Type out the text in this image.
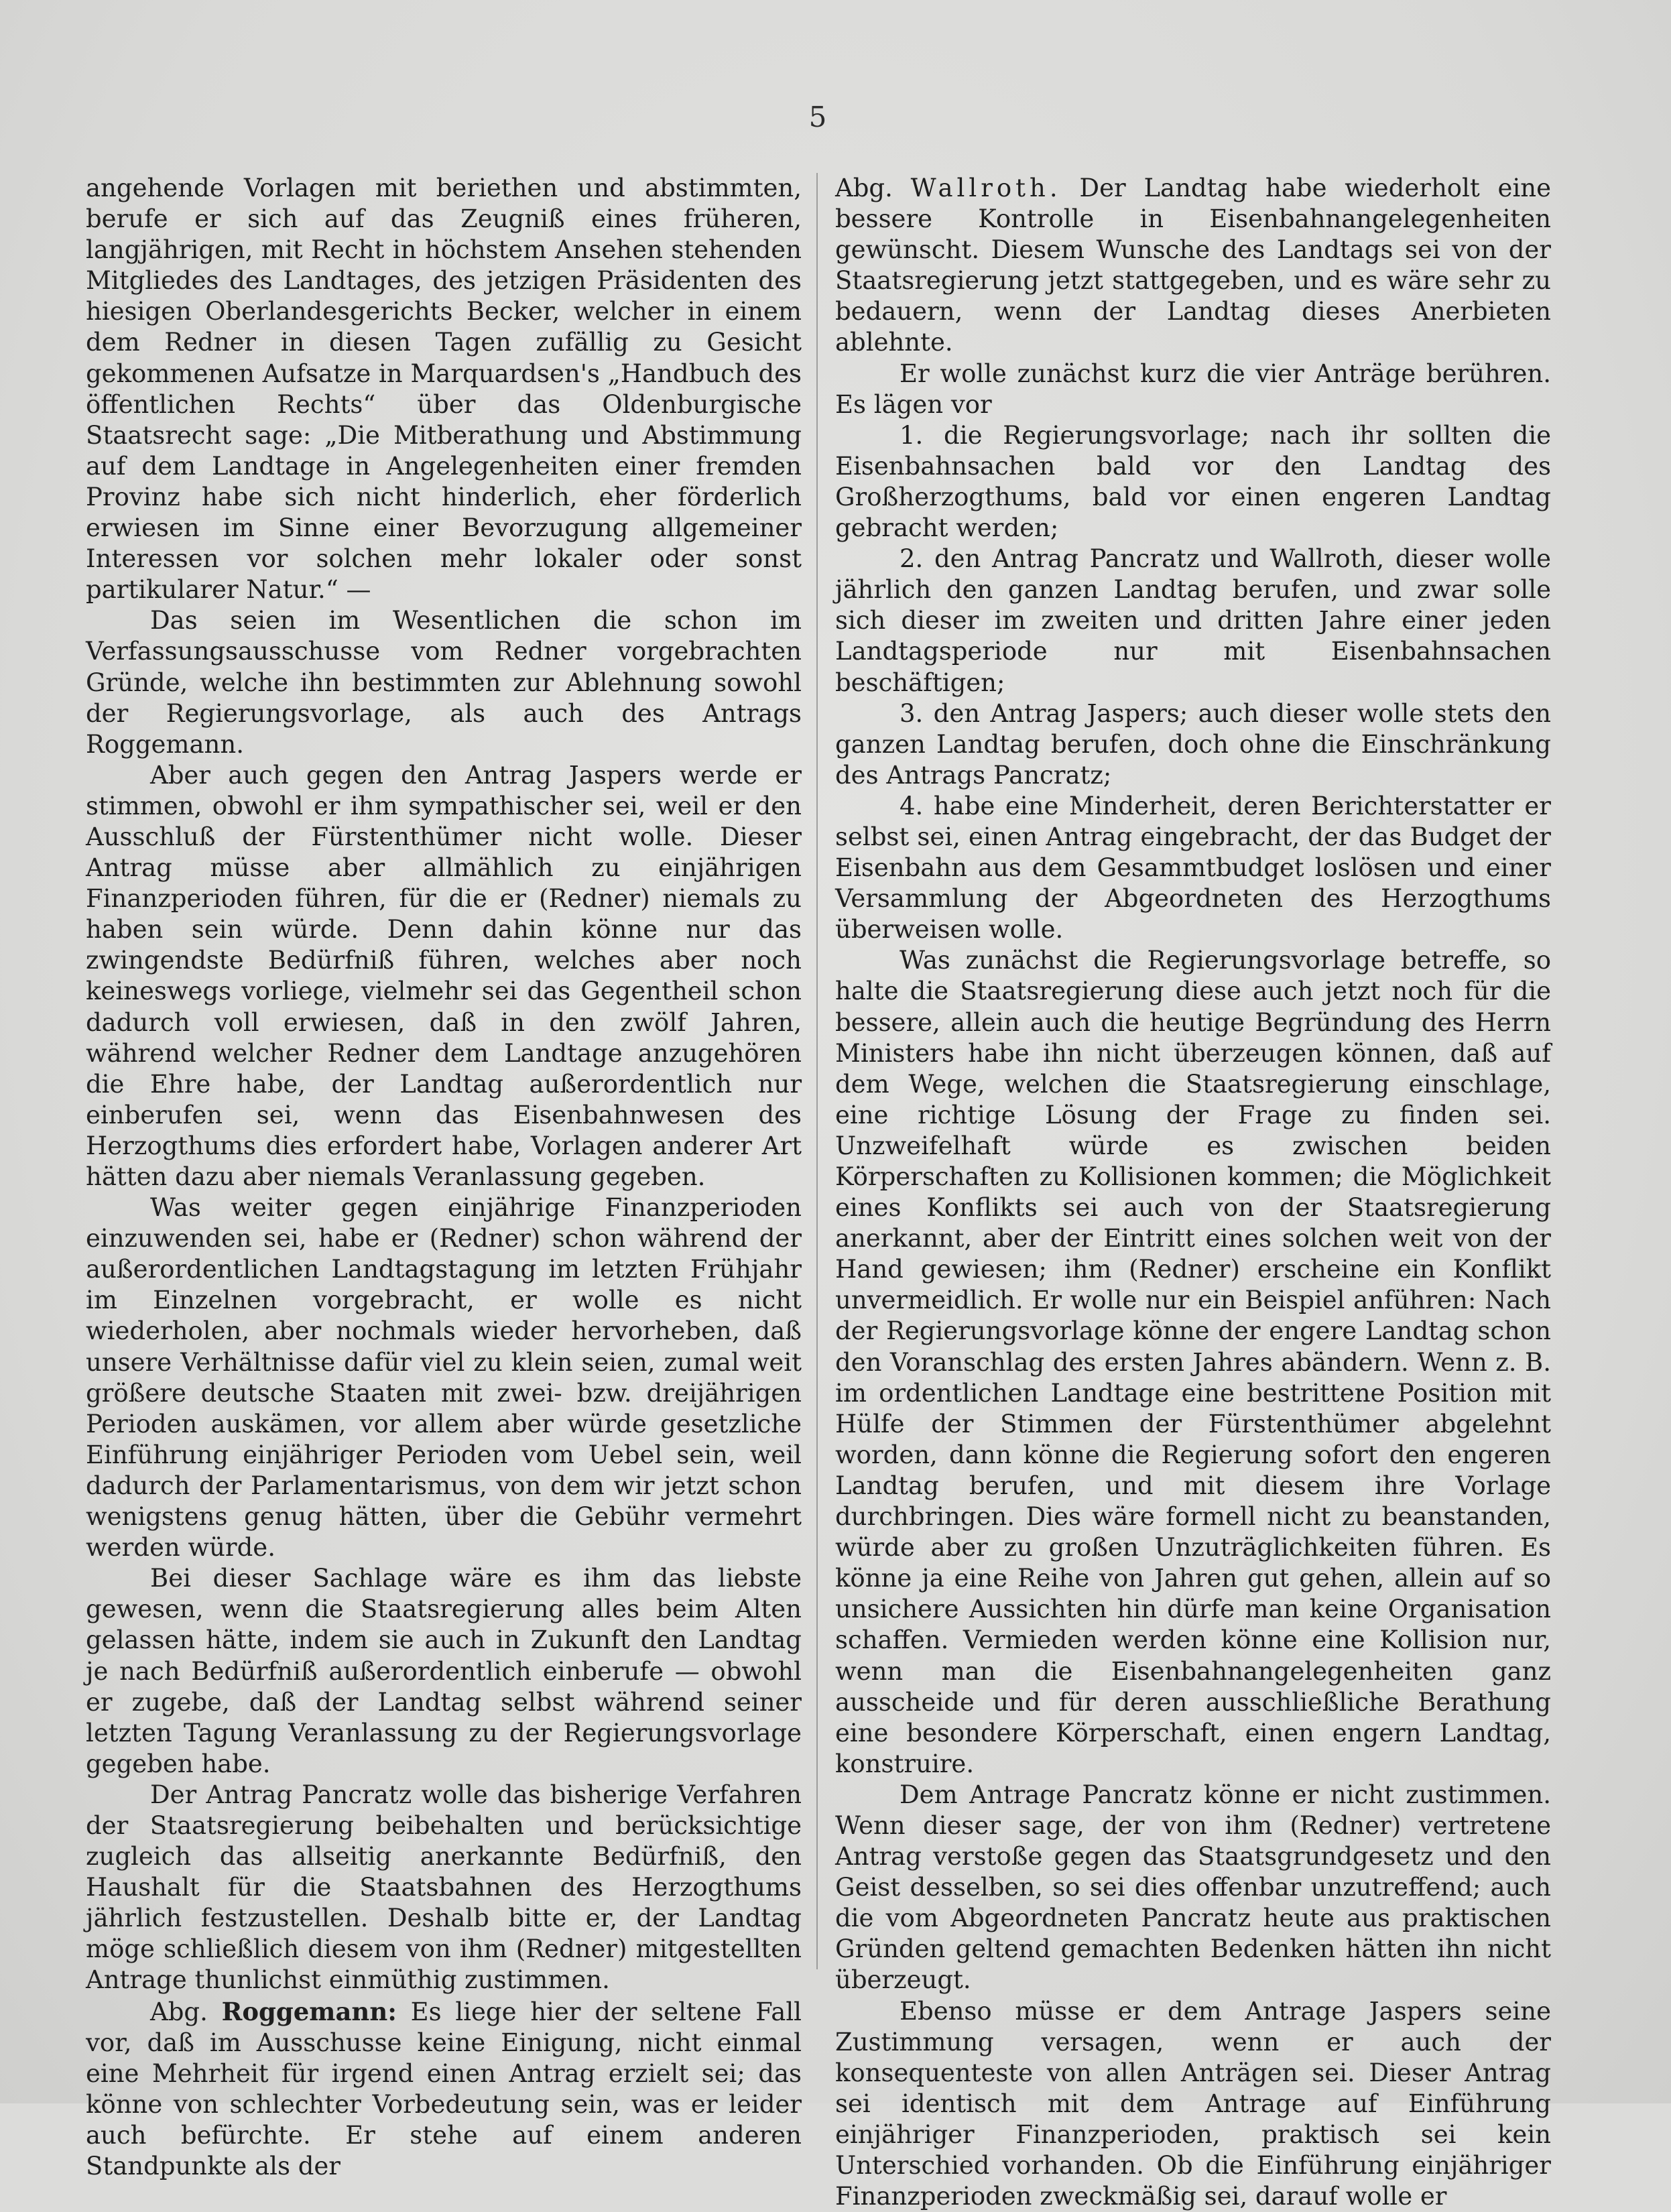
5

angehende Vorlagen mit beriethen und abstimmten, berufe er sich auf das Zeugniß eines früheren, langjährigen, mit Recht in höchstem Ansehen stehenden Mitgliedes des Landtages, des jetzigen Präsidenten des hiesigen Oberlandesgerichts Becker, welcher in einem dem Redner in diesen Tagen zufällig zu Gesicht gekommenen Aufsatze in Marquardsen's „Handbuch des öffentlichen Rechts“ über das Oldenburgische Staatsrecht sage: „Die Mitberathung und Abstimmung auf dem Landtage in Angelegenheiten einer fremden Provinz habe sich nicht hinderlich, eher förderlich erwiesen im Sinne einer Bevorzugung allgemeiner Interessen vor solchen mehr lokaler oder sonst partikularer Natur.“ —

Das seien im Wesentlichen die schon im Verfassungsausschusse vom Redner vorgebrachten Gründe, welche ihn bestimmten zur Ablehnung sowohl der Regierungsvorlage, als auch des Antrags Roggemann.

Aber auch gegen den Antrag Jaspers werde er stimmen, obwohl er ihm sympathischer sei, weil er den Ausschluß der Fürstenthümer nicht wolle. Dieser Antrag müsse aber allmählich zu einjährigen Finanzperioden führen, für die er (Redner) niemals zu haben sein würde. Denn dahin könne nur das zwingendste Bedürfniß führen, welches aber noch keineswegs vorliege, vielmehr sei das Gegentheil schon dadurch voll erwiesen, daß in den zwölf Jahren, während welcher Redner dem Landtage anzugehören die Ehre habe, der Landtag außerordentlich nur einberufen sei, wenn das Eisenbahnwesen des Herzogthums dies erfordert habe, Vorlagen anderer Art hätten dazu aber niemals Veranlassung gegeben.

Was weiter gegen einjährige Finanzperioden einzuwenden sei, habe er (Redner) schon während der außerordentlichen Landtagstagung im letzten Frühjahr im Einzelnen vorgebracht, er wolle es nicht wiederholen, aber nochmals wieder hervorheben, daß unsere Verhältnisse dafür viel zu klein seien, zumal weit größere deutsche Staaten mit zwei- bzw. dreijährigen Perioden auskämen, vor allem aber würde gesetzliche Einführung einjähriger Perioden vom Uebel sein, weil dadurch der Parlamentarismus, von dem wir jetzt schon wenigstens genug hätten, über die Gebühr vermehrt werden würde.

Bei dieser Sachlage wäre es ihm das liebste gewesen, wenn die Staatsregierung alles beim Alten gelassen hätte, indem sie auch in Zukunft den Landtag je nach Bedürfniß außerordentlich einberufe — obwohl er zugebe, daß der Landtag selbst während seiner letzten Tagung Veranlassung zu der Regierungsvorlage gegeben habe.

Der Antrag Pancratz wolle das bisherige Verfahren der Staatsregierung beibehalten und berücksichtige zugleich das allseitig anerkannte Bedürfniß, den Haushalt für die Staatsbahnen des Herzogthums jährlich festzustellen. Deshalb bitte er, der Landtag möge schließlich diesem von ihm (Redner) mitgestellten Antrage thunlichst einmüthig zustimmen.

Abg. Roggemann: Es liege hier der seltene Fall vor, daß im Ausschusse keine Einigung, nicht einmal eine Mehrheit für irgend einen Antrag erzielt sei; das könne von schlechter Vorbedeutung sein, was er leider auch befürchte. Er stehe auf einem anderen Standpunkte als der

Abg. Wallroth. Der Landtag habe wiederholt eine bessere Kontrolle in Eisenbahnangelegenheiten gewünscht. Diesem Wunsche des Landtags sei von der Staatsregierung jetzt stattgegeben, und es wäre sehr zu bedauern, wenn der Landtag dieses Anerbieten ablehnte.

Er wolle zunächst kurz die vier Anträge berühren. Es lägen vor

1. die Regierungsvorlage; nach ihr sollten die Eisenbahnsachen bald vor den Landtag des Großherzogthums, bald vor einen engeren Landtag gebracht werden;

2. den Antrag Pancratz und Wallroth, dieser wolle jährlich den ganzen Landtag berufen, und zwar solle sich dieser im zweiten und dritten Jahre einer jeden Landtagsperiode nur mit Eisenbahnsachen beschäftigen;

3. den Antrag Jaspers; auch dieser wolle stets den ganzen Landtag berufen, doch ohne die Einschränkung des Antrags Pancratz;

4. habe eine Minderheit, deren Berichterstatter er selbst sei, einen Antrag eingebracht, der das Budget der Eisenbahn aus dem Gesammtbudget loslösen und einer Versammlung der Abgeordneten des Herzogthums überweisen wolle.

Was zunächst die Regierungsvorlage betreffe, so halte die Staatsregierung diese auch jetzt noch für die bessere, allein auch die heutige Begründung des Herrn Ministers habe ihn nicht überzeugen können, daß auf dem Wege, welchen die Staatsregierung einschlage, eine richtige Lösung der Frage zu finden sei. Unzweifelhaft würde es zwischen beiden Körperschaften zu Kollisionen kommen; die Möglichkeit eines Konflikts sei auch von der Staatsregierung anerkannt, aber der Eintritt eines solchen weit von der Hand gewiesen; ihm (Redner) erscheine ein Konflikt unvermeidlich. Er wolle nur ein Beispiel anführen: Nach der Regierungsvorlage könne der engere Landtag schon den Voranschlag des ersten Jahres abändern. Wenn z. B. im ordentlichen Landtage eine bestrittene Position mit Hülfe der Stimmen der Fürstenthümer abgelehnt worden, dann könne die Regierung sofort den engeren Landtag berufen, und mit diesem ihre Vorlage durchbringen. Dies wäre formell nicht zu beanstanden, würde aber zu großen Unzuträglichkeiten führen. Es könne ja eine Reihe von Jahren gut gehen, allein auf so unsichere Aussichten hin dürfe man keine Organisation schaffen. Vermieden werden könne eine Kollision nur, wenn man die Eisenbahnangelegenheiten ganz ausscheide und für deren ausschließliche Berathung eine besondere Körperschaft, einen engern Landtag, konstruire.

Dem Antrage Pancratz könne er nicht zustimmen. Wenn dieser sage, der von ihm (Redner) vertretene Antrag verstoße gegen das Staatsgrundgesetz und den Geist desselben, so sei dies offenbar unzutreffend; auch die vom Abgeordneten Pancratz heute aus praktischen Gründen geltend gemachten Bedenken hätten ihn nicht überzeugt.

Ebenso müsse er dem Antrage Jaspers seine Zustimmung versagen, wenn er auch der konsequenteste von allen Anträgen sei. Dieser Antrag sei identisch mit dem Antrage auf Einführung einjähriger Finanzperioden, praktisch sei kein Unterschied vorhanden. Ob die Einführung einjähriger Finanzperioden zweckmäßig sei, darauf wolle er
